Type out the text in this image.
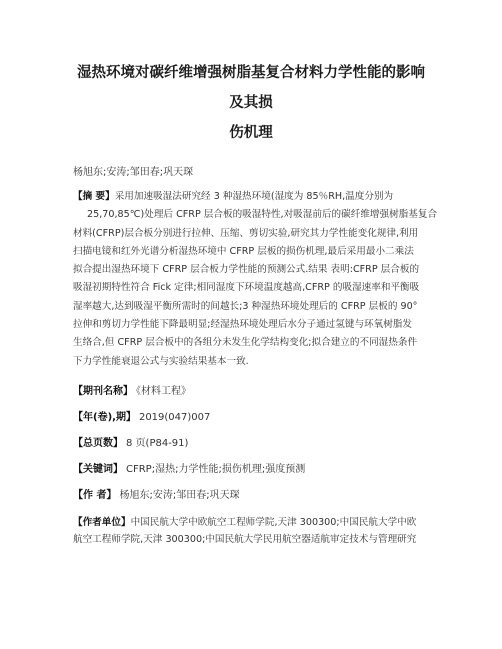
湿热环境对碳纤维增强树脂基复合材料力学性能的影响及其损
伤机理
杨旭东;安涛;邹田春;巩天琛
【摘 要】采用加速吸湿法研究经 3 种湿热环境(湿度为 85％RH,温度分别为
25,70,85℃)处理后 CFRP 层合板的吸湿特性,对吸湿前后的碳纤维增强树脂基复合
材料(CFRP)层合板分别进行拉伸、压缩、剪切实验,研究其力学性能变化规律,利用
扫描电镜和红外光谱分析湿热环境中 CFRP 层板的损伤机理,最后采用最小二乘法
拟合提出湿热环境下 CFRP 层合板力学性能的预测公式.结果 表明:CFRP 层合板的
吸湿初期特性符合 Fick 定律;相同湿度下环境温度越高,CFRP 的吸湿速率和平衡吸
湿率越大,达到吸湿平衡所需时的间越长;3 种湿热环境处理后的 CFRP 层板的 90°
拉伸和剪切力学性能下降最明显;经湿热环境处理后水分子通过氢键与环氧树脂发
生络合,但 CFRP 层合板中的各组分未发生化学结构变化;拟合建立的不同湿热条件
下力学性能衰退公式与实验结果基本一致.
【期刊名称】 《材料工程》
【年(卷),期】 2019(047)007
【总页数】 8 页(P84-91)
【关键词】 CFRP;湿热;力学性能;损伤机理;强度预测
【作 者】 杨旭东;安涛;邹田春;巩天琛
【作者单位】中国民航大学中欧航空工程师学院,天津 300300;中国民航大学中欧
航空工程师学院,天津 300300;中国民航大学民用航空器适航审定技术与管理研究
